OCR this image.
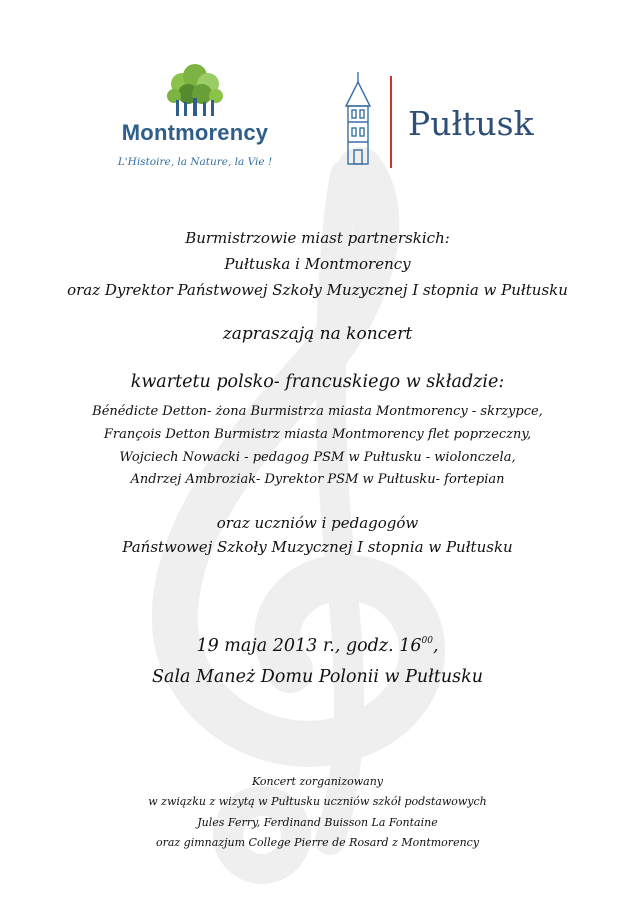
Montmorency
L'Histoire, la Nature, la Vie !
Pułtusk

Burmistrzowie miast partnerskich:

Pułtuska i Montmorency

oraz Dyrektor Państwowej Szkoły Muzycznej I stopnia w Pułtusku

zapraszają na koncert

kwartetu polsko- francuskiego w składzie:

Bénédicte Detton- żona Burmistrza miasta Montmorency - skrzypce,

François Detton Burmistrz miasta Montmorency flet poprzeczny,

Wojciech Nowacki - pedagog PSM w Pułtusku - wiolonczela,

Andrzej Ambroziak- Dyrektor PSM w Pułtusku- fortepian

oraz uczniów i pedagogów

Państwowej Szkoły Muzycznej I stopnia w Pułtusku

19 maja 2013 r., godz. $16^{00}$,

Sala Maneż Domu Polonii w Pułtusku

Koncert zorganizowany

w związku z wizytą w Pułtusku uczniów szkół podstawowych

Jules Ferry, Ferdinand Buisson La Fontaine

oraz gimnazjum College Pierre de Rosard z Montmorency
